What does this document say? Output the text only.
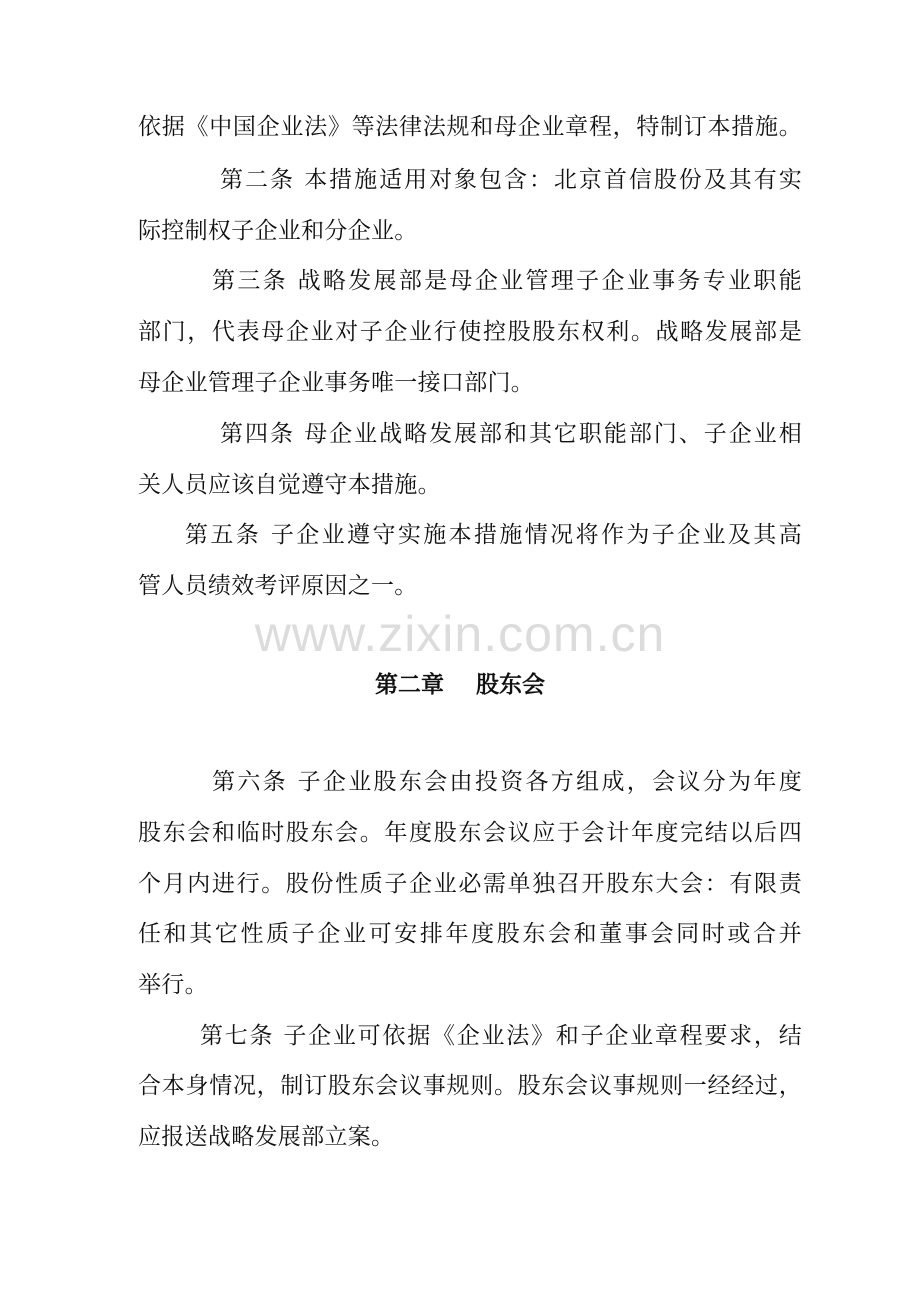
依据《中国企业法》等法律法规和母企业章程，特制订本措施。
第二条 本措施适用对象包含：北京首信股份及其有实
际控制权子企业和分企业。
第三条 战略发展部是母企业管理子企业事务专业职能
部门，代表母企业对子企业行使控股股东权利。战略发展部是
母企业管理子企业事务唯一接口部门。
第四条 母企业战略发展部和其它职能部门、子企业相
关人员应该自觉遵守本措施。
第五条 子企业遵守实施本措施情况将作为子企业及其高
管人员绩效考评原因之一。
www.zixin.com.cn
第二章    股东会
第六条 子企业股东会由投资各方组成，会议分为年度
股东会和临时股东会。年度股东会议应于会计年度完结以后四
个月内进行。股份性质子企业必需单独召开股东大会：有限责
任和其它性质子企业可安排年度股东会和董事会同时或合并
举行。
第七条 子企业可依据《企业法》和子企业章程要求，结
合本身情况，制订股东会议事规则。股东会议事规则一经经过，
应报送战略发展部立案。
